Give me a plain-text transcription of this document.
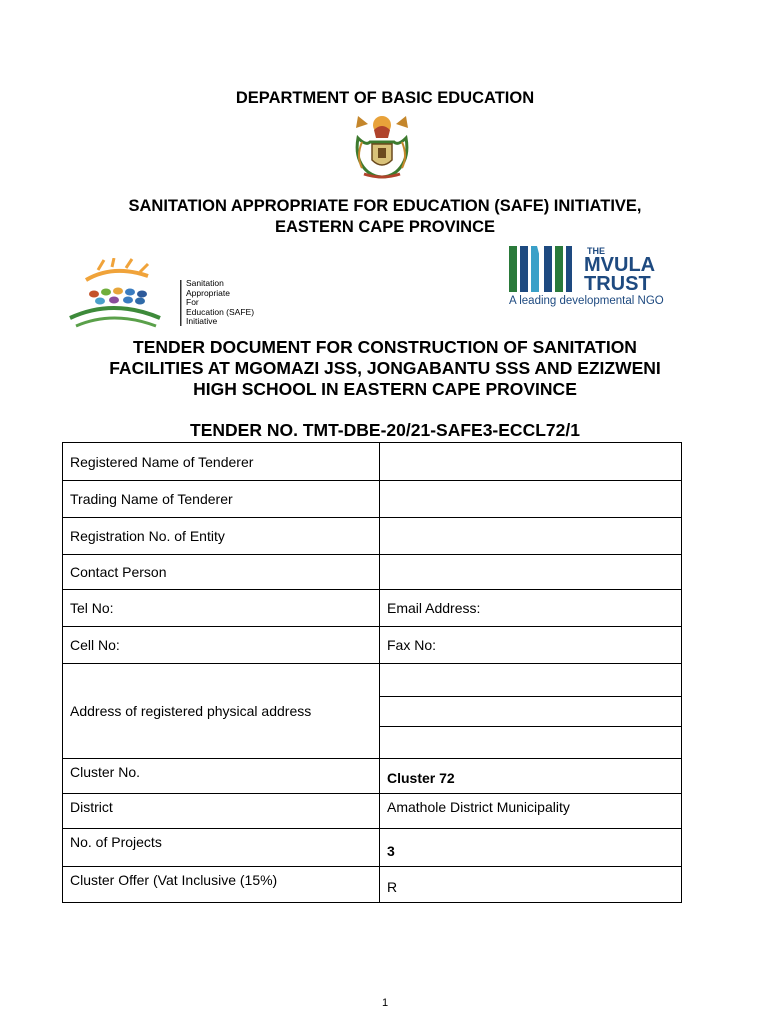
DEPARTMENT OF BASIC EDUCATION
SANITATION APPROPRIATE FOR EDUCATION (SAFE) INITIATIVE,
EASTERN CAPE PROVINCE
Sanitation
Appropriate
For
Education (SAFE)
Initiative
THE
MVULA
TRUST
A leading developmental NGO
TENDER DOCUMENT FOR CONSTRUCTION OF SANITATION
FACILITIES AT MGOMAZI JSS, JONGABANTU SSS AND EZIZWENI
HIGH SCHOOL IN EASTERN CAPE PROVINCE
TENDER NO. TMT-DBE-20/21-SAFE3-ECCL72/1
Registered Name of Tenderer	
Trading Name of Tenderer	
Registration No. of Entity	
Contact Person	
Tel No:	Email Address:
Cell No:	Fax No:
Address of registered physical address	

Cluster No.	Cluster 72
District	Amathole District Municipality
No. of Projects	3
Cluster Offer (Vat Inclusive (15%)	R
1
